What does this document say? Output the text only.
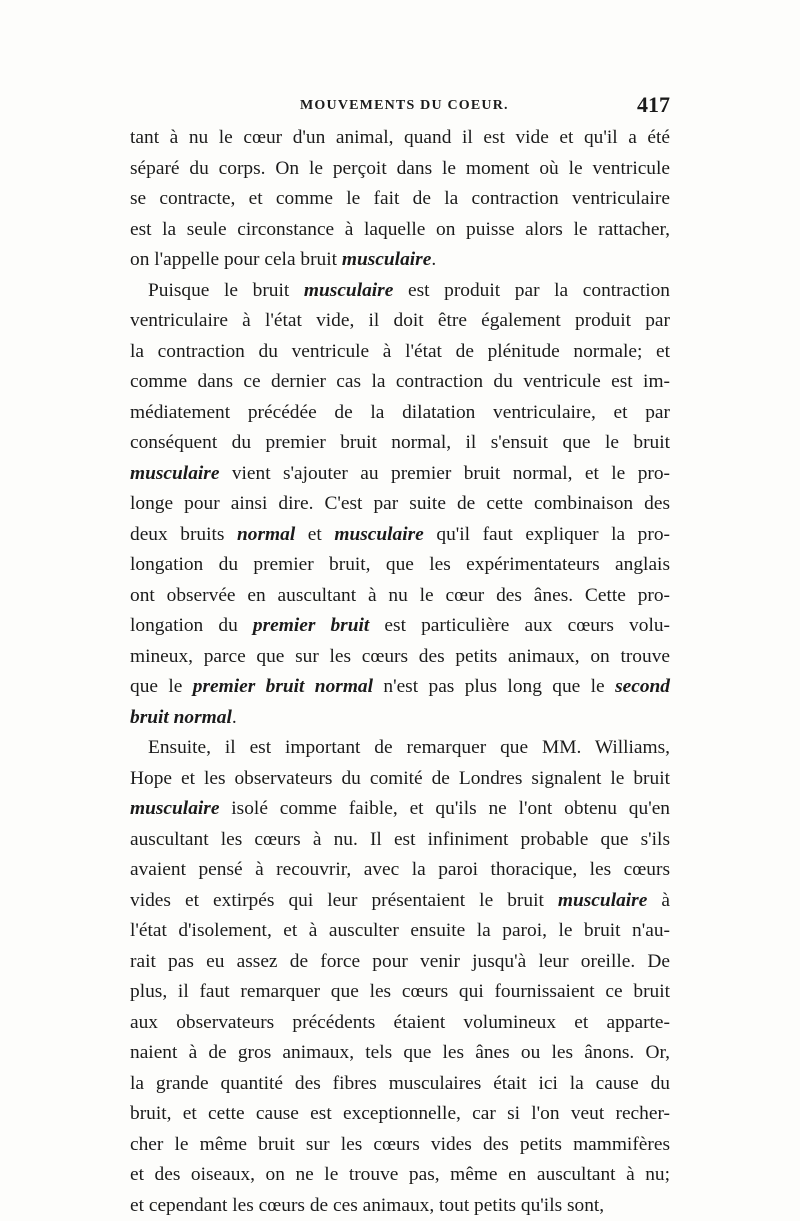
MOUVEMENTS DU COEUR.	417
tant à nu le cœur d'un animal, quand il est vide et qu'il a été
séparé du corps. On le perçoit dans le moment où le ventricule
se contracte, et comme le fait de la contraction ventriculaire
est la seule circonstance à laquelle on puisse alors le rattacher,
on l'appelle pour cela bruit musculaire.
Puisque le bruit musculaire est produit par la contraction
ventriculaire à l'état vide, il doit être également produit par
la contraction du ventricule à l'état de plénitude normale; et
comme dans ce dernier cas la contraction du ventricule est im-
médiatement précédée de la dilatation ventriculaire, et par
conséquent du premier bruit normal, il s'ensuit que le bruit
musculaire vient s'ajouter au premier bruit normal, et le pro-
longe pour ainsi dire. C'est par suite de cette combinaison des
deux bruits normal et musculaire qu'il faut expliquer la pro-
longation du premier bruit, que les expérimentateurs anglais
ont observée en auscultant à nu le cœur des ânes. Cette pro-
longation du premier bruit est particulière aux cœurs volu-
mineux, parce que sur les cœurs des petits animaux, on trouve
que le premier bruit normal n'est pas plus long que le second
bruit normal.
Ensuite, il est important de remarquer que MM. Williams,
Hope et les observateurs du comité de Londres signalent le bruit
musculaire isolé comme faible, et qu'ils ne l'ont obtenu qu'en
auscultant les cœurs à nu. Il est infiniment probable que s'ils
avaient pensé à recouvrir, avec la paroi thoracique, les cœurs
vides et extirpés qui leur présentaient le bruit musculaire à
l'état d'isolement, et à ausculter ensuite la paroi, le bruit n'au-
rait pas eu assez de force pour venir jusqu'à leur oreille. De
plus, il faut remarquer que les cœurs qui fournissaient ce bruit
aux observateurs précédents étaient volumineux et apparte-
naient à de gros animaux, tels que les ânes ou les ânons. Or,
la grande quantité des fibres musculaires était ici la cause du
bruit, et cette cause est exceptionnelle, car si l'on veut recher-
cher le même bruit sur les cœurs vides des petits mammifères
et des oiseaux, on ne le trouve pas, même en auscultant à nu;
et cependant les cœurs de ces animaux, tout petits qu'ils sont,
